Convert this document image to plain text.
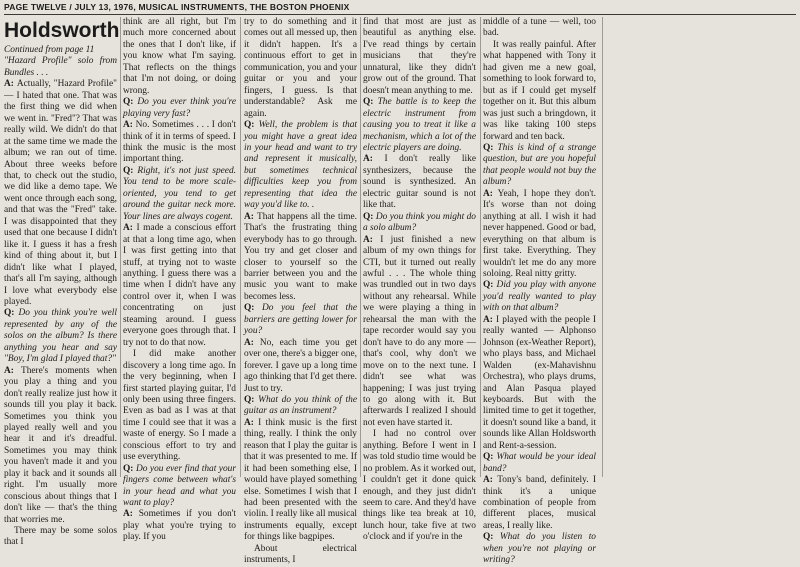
PAGE TWELVE / JULY 13, 1976, MUSICAL INSTRUMENTS, THE BOSTON PHOENIX
Holdsworth

Continued from page 11

"Hazard Profile" solo from Bundles . . .

A: Actually, "Hazard Profile" — I hated that one. That was the first thing we did when we went in. "Fred"? That was really wild. We didn't do that at the same time we made the album; we ran out of time. About three weeks before that, to check out the studio, we did like a demo tape. We went once through each song, and that was the "Fred" take. I was disappointed that they used that one because I didn't like it. I guess it has a fresh kind of thing about it, but I didn't like what I played, that's all I'm saying, although I love what everybody else played.

Q: Do you think you're well represented by any of the solos on the album? Is there anything you hear and say "Boy, I'm glad I played that?"

A: There's moments when you play a thing and you don't really realize just how it sounds till you play it back. Sometimes you think you played really well and you hear it and it's dreadful. Sometimes you may think you haven't made it and you play it back and it sounds all right. I'm usually more conscious about things that I don't like — that's the thing that worries me.

There may be some solos that I

think are all right, but I'm much more concerned about the ones that I don't like, if you know what I'm saying. That reflects on the things that I'm not doing, or doing wrong.

Q: Do you ever think you're playing very fast?

A: No. Sometimes . . . I don't think of it in terms of speed. I think the music is the most important thing.

Q: Right, it's not just speed. You tend to be more scale-oriented, you tend to get around the guitar neck more. Your lines are always cogent.

A: I made a conscious effort at that a long time ago, when I was first getting into that stuff, at trying not to waste anything. I guess there was a time when I didn't have any control over it, when I was concentrating on just steaming around. I guess everyone goes through that. I try not to do that now.

I did make another discovery a long time ago. In the very beginning, when I first started playing guitar, I'd only been using three fingers. Even as bad as I was at that time I could see that it was a waste of energy. So I made a conscious effort to try and use everything.

Q: Do you ever find that your fingers come between what's in your head and what you want to play?

A: Sometimes if you don't play what you're trying to play. If you

try to do something and it comes out all messed up, then it didn't happen. It's a continuous effort to get in communication, you and your guitar or you and your fingers, I guess. Is that understandable? Ask me again.

Q: Well, the problem is that you might have a great idea in your head and want to try and represent it musically, but sometimes technical difficulties keep you from representing that idea the way you'd like to. .

A: That happens all the time. That's the frustrating thing everybody has to go through. You try and get closer and closer to yourself so the barrier between you and the music you want to make becomes less.

Q: Do you feel that the barriers are getting lower for you?

A: No, each time you get over one, there's a bigger one, forever. I gave up a long time ago thinking that I'd get there. Just to try.

Q: What do you think of the guitar as an instrument?

A: I think music is the first thing, really. I think the only reason that I play the guitar is that it was presented to me. If it had been something else, I would have played something else. Sometimes I wish that I had been presented with the violin. I really like all musical instruments equally, except for things like bagpipes.

About electrical instruments, I

find that most are just as beautiful as anything else. I've read things by certain musicians that they're unnatural, like they didn't grow out of the ground. That doesn't mean anything to me.

Q: The battle is to keep the electric instrument from causing you to treat it like a mechanism, which a lot of the electric players are doing.

A: I don't really like synthesizers, because the sound is synthesized. An electric guitar sound is not like that.

Q: Do you think you might do a solo album?

A: I just finished a new album of my own things for CTI, but it turned out really awful . . . The whole thing was trundled out in two days without any rehearsal. While we were playing a thing in rehearsal the man with the tape recorder would say you don't have to do any more — that's cool, why don't we move on to the next tune. I didn't see what was happening; I was just trying to go along with it. But afterwards I realized I should not even have started it.

I had no control over anything. Before I went in I was told studio time would be no problem. As it worked out, I couldn't get it done quick enough, and they just didn't seem to care. And they'd have things like tea break at 10, lunch hour, take five at two o'clock and if you're in the

middle of a tune — well, too bad.

It was really painful. After what happened with Tony it had given me a new goal, something to look forward to, but as if I could get myself together on it. But this album was just such a bringdown, it was like taking 100 steps forward and ten back.

Q: This is kind of a strange question, but are you hopeful that people would not buy the album?

A: Yeah, I hope they don't. It's worse than not doing anything at all. I wish it had never happened. Good or bad, everything on that album is first take. Everything. They wouldn't let me do any more soloing. Real nitty gritty.

Q: Did you play with anyone you'd really wanted to play with on that album?

A: I played with the people I really wanted — Alphonso Johnson (ex-Weather Report), who plays bass, and Michael Walden (ex-Mahavishnu Orchestra), who plays drums, and Alan Pasqua played keyboards. But with the limited time to get it together, it doesn't sound like a band, it sounds like Allan Holdsworth and Rent-a-session.

Q: What would be your ideal band?

A: Tony's band, definitely. I think it's a unique combination of people from different places, musical areas, I really like.

Q: What do you listen to when you're not playing or writing?
